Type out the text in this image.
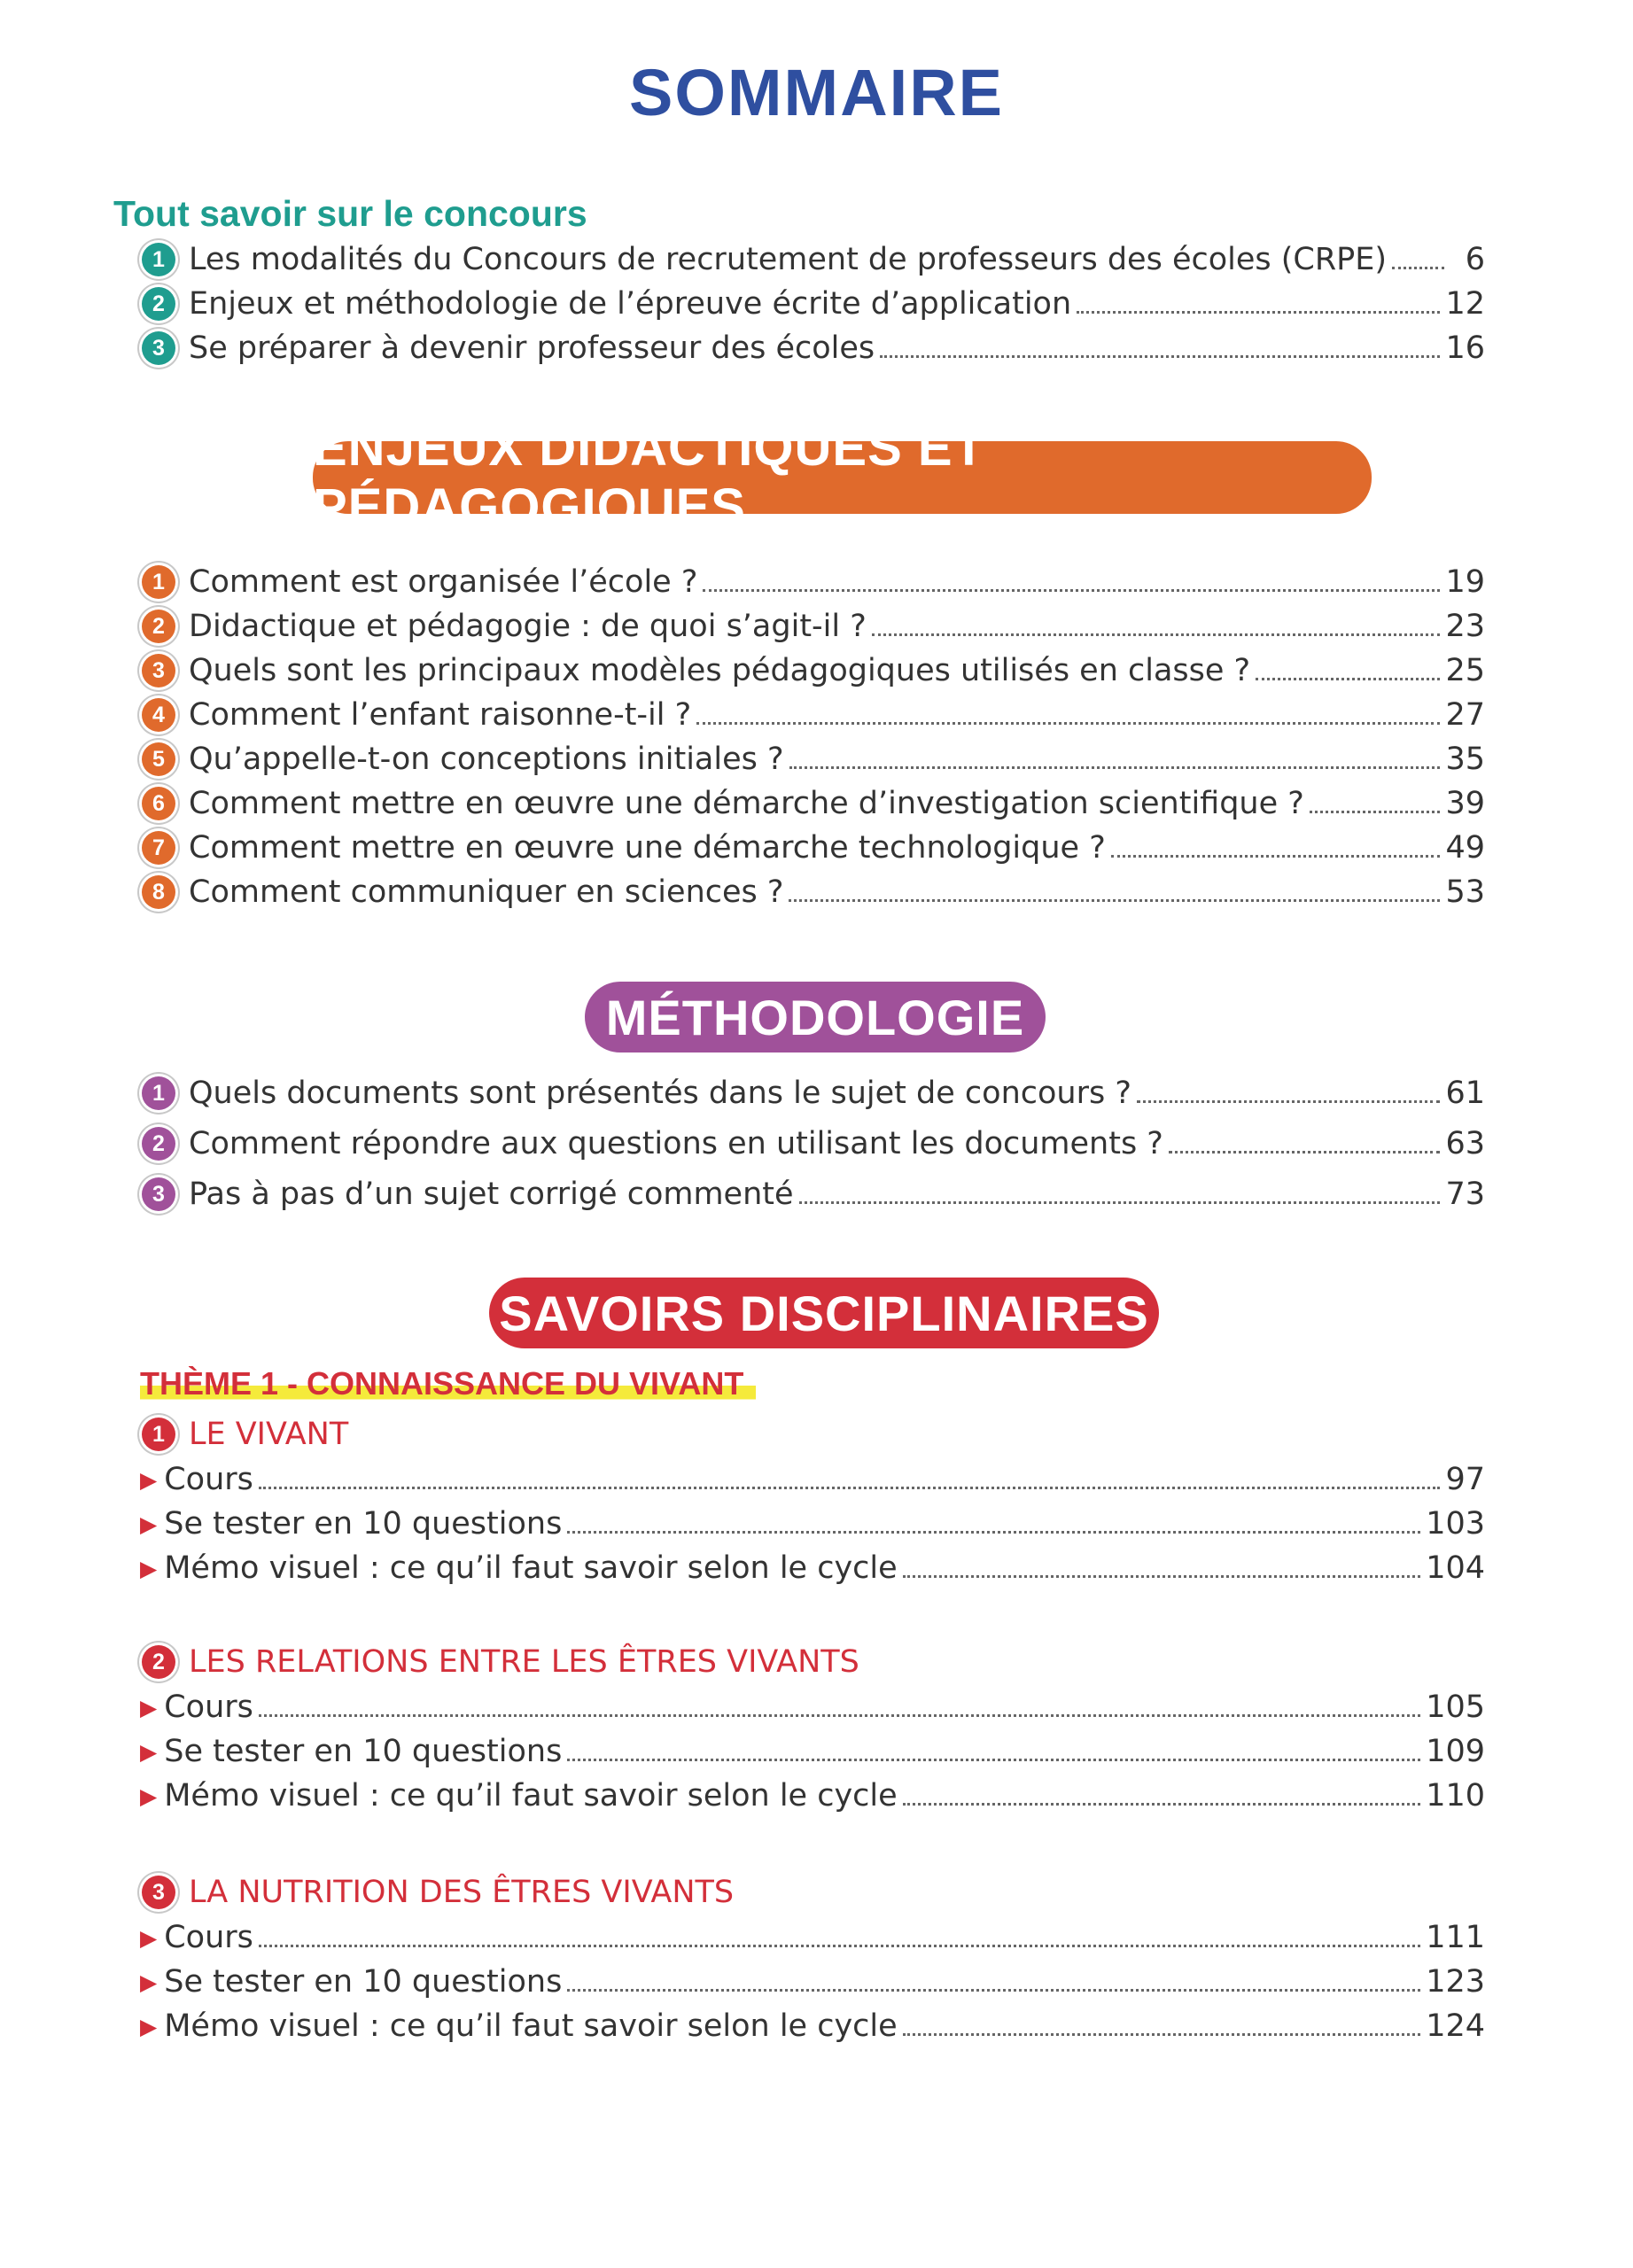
SOMMAIRE
Tout savoir sur le concours
1 Les modalités du Concours de recrutement de professeurs des écoles (CRPE)	6
2 Enjeux et méthodologie de l’épreuve écrite d’application	12
3 Se préparer à devenir professeur des écoles	16
ENJEUX DIDACTIQUES ET PÉDAGOGIQUES
1 Comment est organisée l’école ?	19
2 Didactique et pédagogie : de quoi s’agit-il ?	23
3 Quels sont les principaux modèles pédagogiques utilisés en classe ?	25
4 Comment l’enfant raisonne-t-il ?	27
5 Qu’appelle-t-on conceptions initiales ?	35
6 Comment mettre en œuvre une démarche d’investigation scientifique ?	39
7 Comment mettre en œuvre une démarche technologique ?	49
8 Comment communiquer en sciences ?	53
MÉTHODOLOGIE
1 Quels documents sont présentés dans le sujet de concours ?	61
2 Comment répondre aux questions en utilisant les documents ?	63
3 Pas à pas d’un sujet corrigé commenté	73
SAVOIRS DISCIPLINAIRES
THÈME 1 - CONNAISSANCE DU VIVANT
1 LE VIVANT
▶ Cours	97
▶ Se tester en 10 questions	103
▶ Mémo visuel : ce qu’il faut savoir selon le cycle	104
2 LES RELATIONS ENTRE LES ÊTRES VIVANTS
▶ Cours	105
▶ Se tester en 10 questions	109
▶ Mémo visuel : ce qu’il faut savoir selon le cycle	110
3 LA NUTRITION DES ÊTRES VIVANTS
▶ Cours	111
▶ Se tester en 10 questions	123
▶ Mémo visuel : ce qu’il faut savoir selon le cycle	124
